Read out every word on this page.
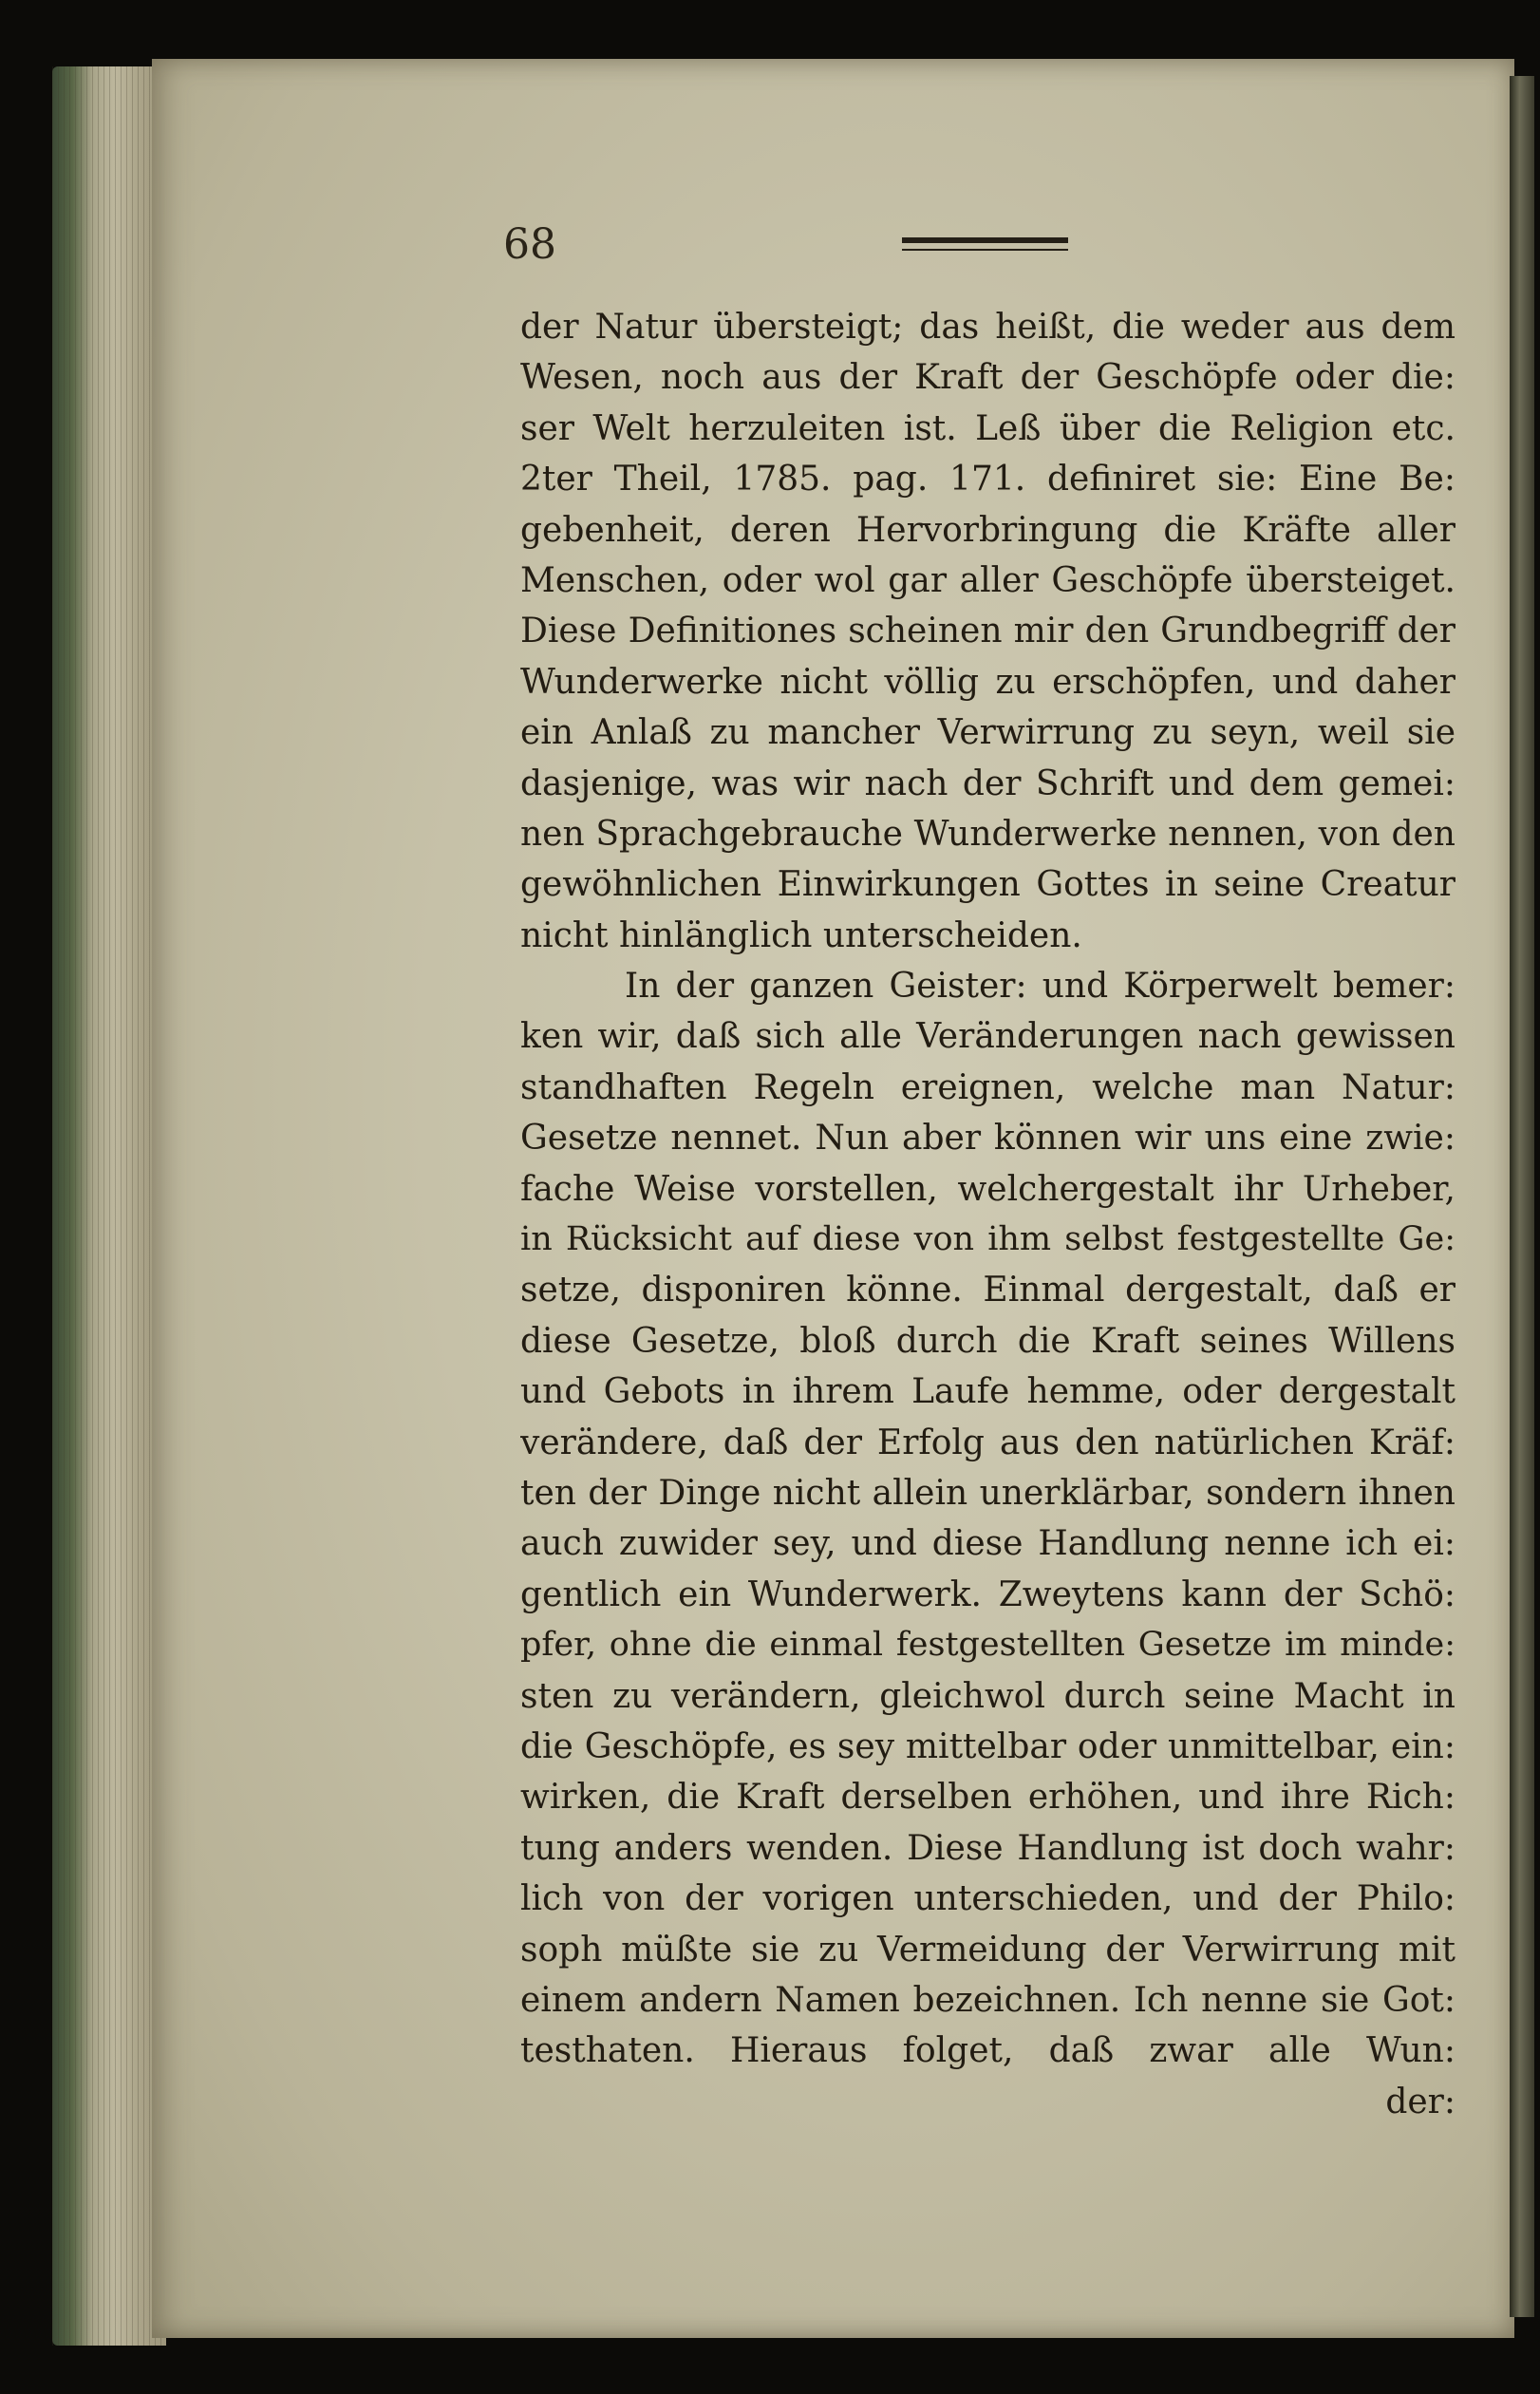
68
der Natur übersteigt; das heißt, die weder aus dem
Wesen, noch aus der Kraft der Geschöpfe oder die:
ser Welt herzuleiten ist. Leß über die Religion etc.
2ter Theil, 1785. pag. 171. definiret sie: Eine Be:
gebenheit, deren Hervorbringung die Kräfte aller
Menschen, oder wol gar aller Geschöpfe übersteiget.
Diese Definitiones scheinen mir den Grundbegriff der
Wunderwerke nicht völlig zu erschöpfen, und daher
ein Anlaß zu mancher Verwirrung zu seyn, weil sie
dasjenige, was wir nach der Schrift und dem gemei:
nen Sprachgebrauche Wunderwerke nennen, von den
gewöhnlichen Einwirkungen Gottes in seine Creatur
nicht hinlänglich unterscheiden.
In der ganzen Geister: und Körperwelt bemer:
ken wir, daß sich alle Veränderungen nach gewissen
standhaften Regeln ereignen, welche man Natur:
Gesetze nennet. Nun aber können wir uns eine zwie:
fache Weise vorstellen, welchergestalt ihr Urheber,
in Rücksicht auf diese von ihm selbst festgestellte Ge:
setze, disponiren könne. Einmal dergestalt, daß er
diese Gesetze, bloß durch die Kraft seines Willens
und Gebots in ihrem Laufe hemme, oder dergestalt
verändere, daß der Erfolg aus den natürlichen Kräf:
ten der Dinge nicht allein unerklärbar, sondern ihnen
auch zuwider sey, und diese Handlung nenne ich ei:
gentlich ein Wunderwerk. Zweytens kann der Schö:
pfer, ohne die einmal festgestellten Gesetze im minde:
sten zu verändern, gleichwol durch seine Macht in
die Geschöpfe, es sey mittelbar oder unmittelbar, ein:
wirken, die Kraft derselben erhöhen, und ihre Rich:
tung anders wenden. Diese Handlung ist doch wahr:
lich von der vorigen unterschieden, und der Philo:
soph müßte sie zu Vermeidung der Verwirrung mit
einem andern Namen bezeichnen. Ich nenne sie Got:
testhaten. Hieraus folget, daß zwar alle Wun:
der:
